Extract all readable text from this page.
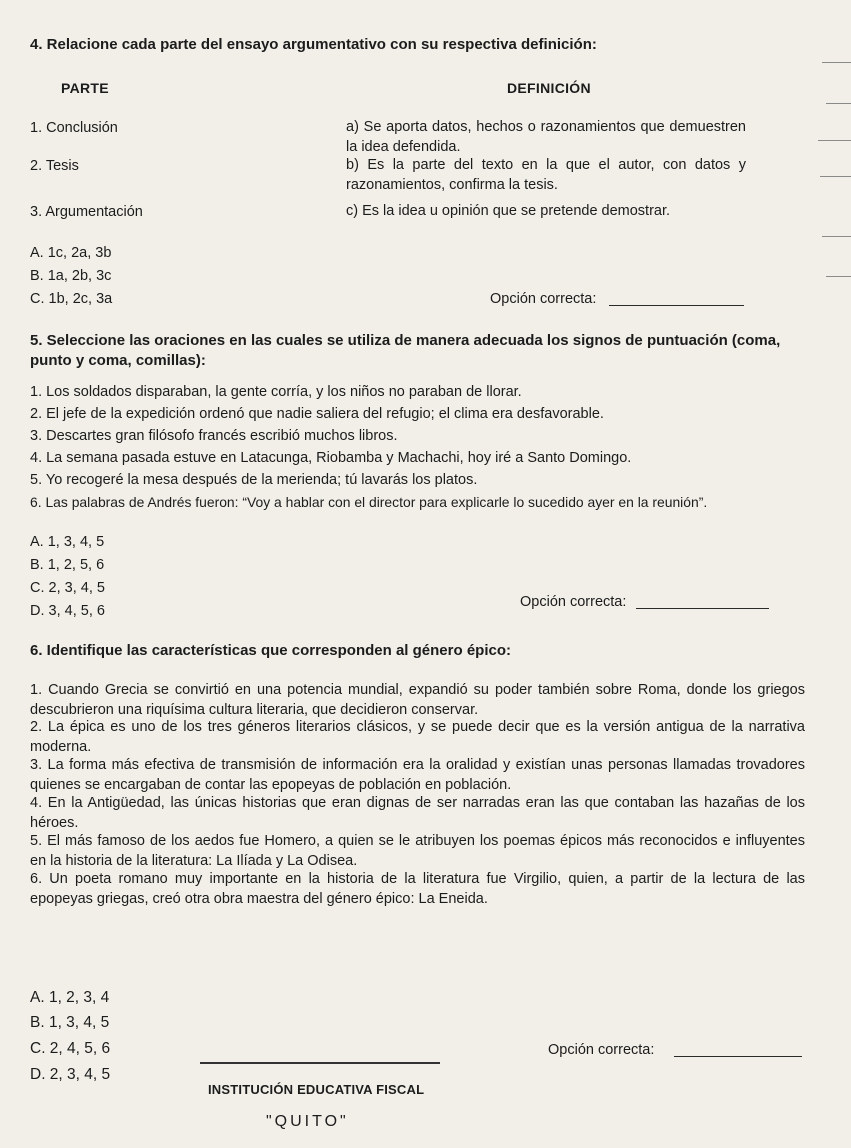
4. Relacione cada parte del ensayo argumentativo con su respectiva definición:
PARTE	DEFINICIÓN
1. Conclusión	a) Se aporta datos, hechos o razonamientos que demuestren la idea defendida.
2. Tesis	b) Es la parte del texto en la que el autor, con datos y razonamientos, confirma la tesis.
3. Argumentación	c) Es la idea u opinión que se pretende demostrar.
A. 1c, 2a, 3b
B. 1a, 2b, 3c
C. 1b, 2c, 3a	Opción correcta:
5. Seleccione las oraciones en las cuales se utiliza de manera adecuada los signos de puntuación (coma,
punto y coma, comillas):
1. Los soldados disparaban, la gente corría, y los niños no paraban de llorar.
2. El jefe de la expedición ordenó que nadie saliera del refugio; el clima era desfavorable.
3. Descartes gran filósofo francés escribió muchos libros.
4. La semana pasada estuve en Latacunga, Riobamba y Machachi, hoy iré a Santo Domingo.
5. Yo recogeré la mesa después de la merienda; tú lavarás los platos.
6. Las palabras de Andrés fueron: “Voy a hablar con el director para explicarle lo sucedido ayer en la reunión”.
A. 1, 3, 4, 5
B. 1, 2, 5, 6
C. 2, 3, 4, 5
D. 3, 4, 5, 6
Opción correcta:
6. Identifique las características que corresponden al género épico:
1. Cuando Grecia se convirtió en una potencia mundial, expandió su poder también sobre Roma, donde los griegos descubrieron una riquísima cultura literaria, que decidieron conservar.
2. La épica es uno de los tres géneros literarios clásicos, y se puede decir que es la versión antigua de la narrativa moderna.
3. La forma más efectiva de transmisión de información era la oralidad y existían unas personas llamadas trovadores quienes se encargaban de contar las epopeyas de población en población.
4. En la Antigüedad, las únicas historias que eran dignas de ser narradas eran las que contaban las hazañas de los héroes.
5. El más famoso de los aedos fue Homero, a quien se le atribuyen los poemas épicos más reconocidos e influyentes en la historia de la literatura: La Ilíada y La Odisea.
6. Un poeta romano muy importante en la historia de la literatura fue Virgilio, quien, a partir de la lectura de las epopeyas griegas, creó otra obra maestra del género épico: La Eneida.
A. 1, 2, 3, 4
B. 1, 3, 4, 5
C. 2, 4, 5, 6
D. 2, 3, 4, 5
Opción correcta:
INSTITUCIÓN EDUCATIVA FISCAL
"QUITO"
